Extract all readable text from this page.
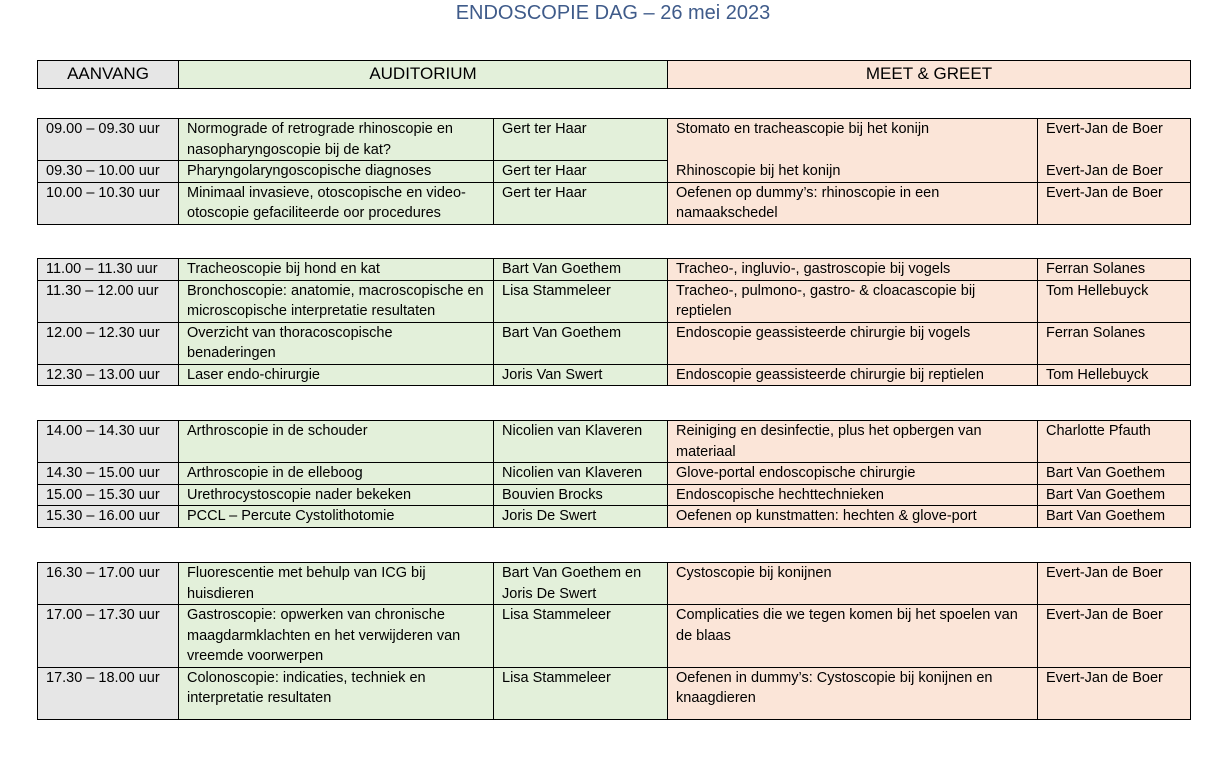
ENDOSCOPIE DAG – 26 mei 2023
AANVANG	AUDITORIUM	MEET & GREET
09.00 – 09.30 uur	Normograde of retrograde rhinoscopie en nasopharyngoscopie bij de kat?	Gert ter Haar	Stomato en tracheascopie bij het konijn	Evert-Jan de Boer
09.30 – 10.00 uur	Pharyngolaryngoscopische diagnoses	Gert ter Haar	Rhinoscopie bij het konijn	Evert-Jan de Boer
10.00 – 10.30 uur	Minimaal invasieve, otoscopische en video-otoscopie gefaciliteerde oor procedures	Gert ter Haar	Oefenen op dummy’s: rhinoscopie in een namaakschedel	Evert-Jan de Boer
11.00 – 11.30 uur	Tracheoscopie bij hond en kat	Bart Van Goethem	Tracheo-, ingluvio-, gastroscopie bij vogels	Ferran Solanes
11.30 – 12.00 uur	Bronchoscopie: anatomie, macroscopische en microscopische interpretatie resultaten	Lisa Stammeleer	Tracheo-, pulmono-, gastro- & cloacascopie bij reptielen	Tom Hellebuyck
12.00 – 12.30 uur	Overzicht van thoracoscopische benaderingen	Bart Van Goethem	Endoscopie geassisteerde chirurgie bij vogels	Ferran Solanes
12.30 – 13.00 uur	Laser endo-chirurgie	Joris Van Swert	Endoscopie geassisteerde chirurgie bij reptielen	Tom Hellebuyck
14.00 – 14.30 uur	Arthroscopie in de schouder	Nicolien van Klaveren	Reiniging en desinfectie, plus het opbergen van materiaal	Charlotte Pfauth
14.30 – 15.00 uur	Arthroscopie in de elleboog	Nicolien van Klaveren	Glove-portal endoscopische chirurgie	Bart Van Goethem
15.00 – 15.30 uur	Urethrocystoscopie nader bekeken	Bouvien Brocks	Endoscopische hechttechnieken	Bart Van Goethem
15.30 – 16.00 uur	PCCL – Percute Cystolithotomie	Joris De Swert	Oefenen op kunstmatten: hechten & glove-port	Bart Van Goethem
16.30 – 17.00 uur	Fluorescentie met behulp van ICG bij huisdieren	Bart Van Goethem en Joris De Swert	Cystoscopie bij konijnen	Evert-Jan de Boer
17.00 – 17.30 uur	Gastroscopie: opwerken van chronische maagdarmklachten en het verwijderen van vreemde voorwerpen	Lisa Stammeleer	Complicaties die we tegen komen bij het spoelen van de blaas	Evert-Jan de Boer
17.30 – 18.00 uur	Colonoscopie: indicaties, techniek en interpretatie resultaten	Lisa Stammeleer	Oefenen in dummy’s: Cystoscopie bij konijnen en knaagdieren	Evert-Jan de Boer
